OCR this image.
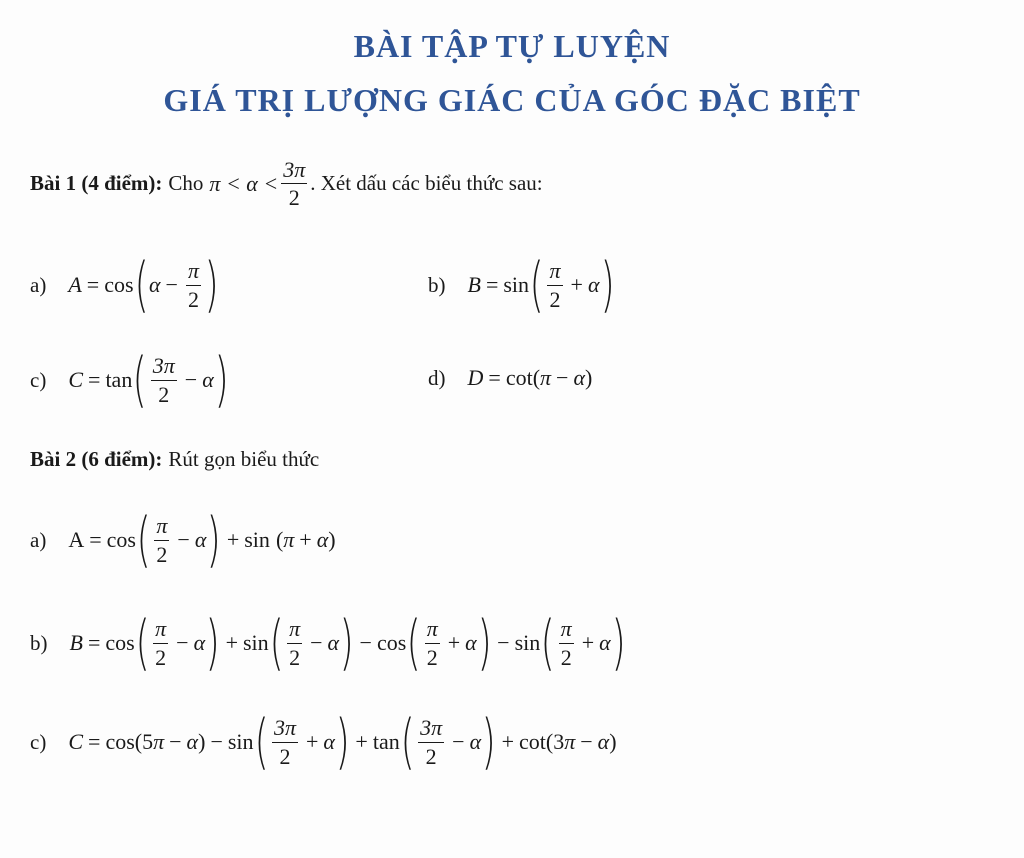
BÀI TẬP TỰ LUYỆN
GIÁ TRỊ LƯỢNG GIÁC CỦA GÓC ĐẶC BIỆT
Bài 1 (4 điểm): Cho $\pi < \alpha < \frac{3\pi}{2}$ . Xét dấu các biểu thức sau:
a) A = cos ( $\alpha - \frac{\pi}{2}$ )	b) B = sin ( $\frac{\pi}{2} + \alpha$ )
c) C = tan ( $\frac{3\pi}{2} - \alpha$ )	d) D = cot( π − α )
Bài 2 (6 điểm): Rút gọn biểu thức
a) A = cos ( $\frac{\pi}{2} - \alpha$ ) + sin ( π + α )
b) B = cos ( $\frac{\pi}{2} - \alpha$ ) + sin ( $\frac{\pi}{2} - \alpha$ ) − cos ( $\frac{\pi}{2} + \alpha$ ) − sin ( $\frac{\pi}{2} + \alpha$ )
c) C = cos(5 π − α ) − sin ( $\frac{3\pi}{2} + \alpha$ ) + tan ( $\frac{3\pi}{2} - \alpha$ ) + cot(3 π − α )
